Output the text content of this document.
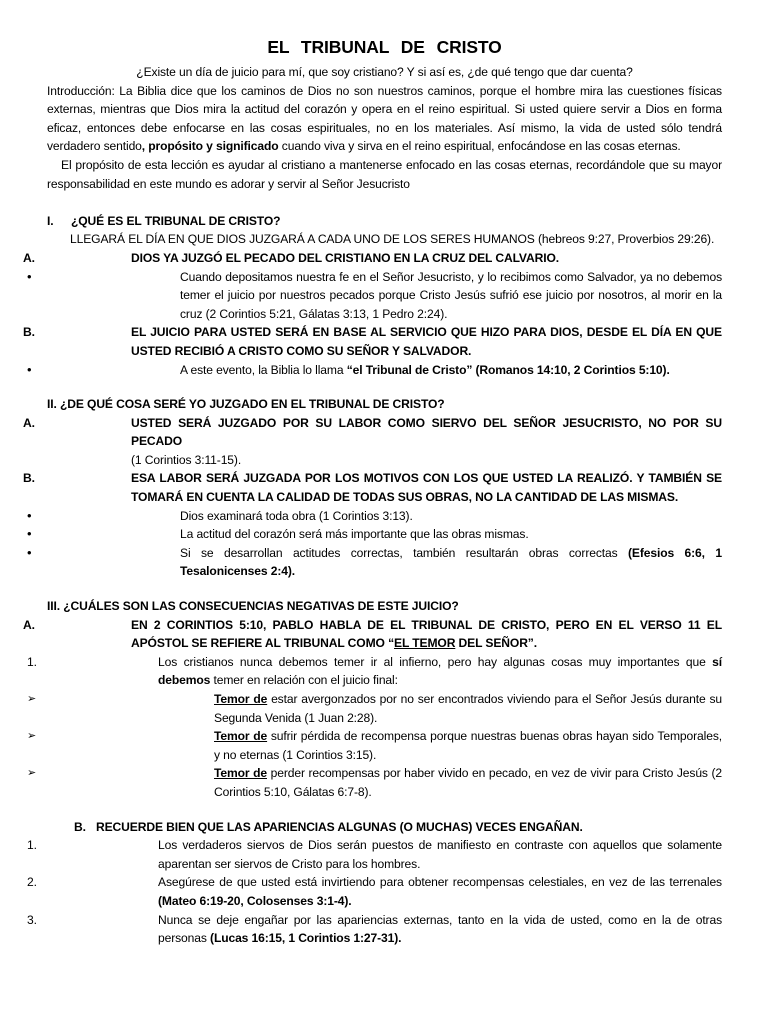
EL TRIBUNAL DE CRISTO
¿Existe un día de juicio para mí, que soy cristiano? Y si así es, ¿de qué tengo que dar cuenta?
Introducción: La Biblia dice que los caminos de Dios no son nuestros caminos, porque el hombre mira las cuestiones físicas externas, mientras que Dios mira la actitud del corazón y opera en el reino espiritual. Si usted quiere servir a Dios en forma eficaz, entonces debe enfocarse en las cosas espirituales, no en los materiales. Así mismo, la vida de usted sólo tendrá verdadero sentido, propósito y significado cuando viva y sirva en el reino espiritual, enfocándose en las cosas eternas.
El propósito de esta lección es ayudar al cristiano a mantenerse enfocado en las cosas eternas, recordándole que su mayor responsabilidad en este mundo es adorar y servir al Señor Jesucristo
I. ¿QUÉ ES EL TRIBUNAL DE CRISTO?
LLEGARÁ EL DÍA EN QUE DIOS JUZGARÁ A CADA UNO DE LOS SERES HUMANOS (hebreos 9:27, Proverbios 29:26).
A.	DIOS YA JUZGÓ EL PECADO DEL CRISTIANO EN LA CRUZ DEL CALVARIO.
•	Cuando depositamos nuestra fe en el Señor Jesucristo, y lo recibimos como Salvador, ya no debemos temer el juicio por nuestros pecados porque Cristo Jesús sufrió ese juicio por nosotros, al morir en la cruz (2 Corintios 5:21, Gálatas 3:13, 1 Pedro 2:24).
B.	EL JUICIO PARA USTED SERÁ EN BASE AL SERVICIO QUE HIZO PARA DIOS, DESDE EL DÍA EN QUE USTED RECIBIÓ A CRISTO COMO SU SEÑOR Y SALVADOR.
•	A este evento, la Biblia lo llama “el Tribunal de Cristo” (Romanos 14:10, 2 Corintios 5:10).
II. ¿DE QUÉ COSA SERÉ YO JUZGADO EN EL TRIBUNAL DE CRISTO?
A.	USTED SERÁ JUZGADO POR SU LABOR COMO SIERVO DEL SEÑOR JESUCRISTO, NO POR SU PECADO
(1 Corintios 3:11-15).
B.	ESA LABOR SERÁ JUZGADA POR LOS MOTIVOS CON LOS QUE USTED LA REALIZÓ. Y TAMBIÉN SE TOMARÁ EN CUENTA LA CALIDAD DE TODAS SUS OBRAS, NO LA CANTIDAD DE LAS MISMAS.
•	Dios examinará toda obra (1 Corintios 3:13).
•	La actitud del corazón será más importante que las obras mismas.
•	Si se desarrollan actitudes correctas, también resultarán obras correctas (Efesios 6:6, 1 Tesalonicenses 2:4).
III. ¿CUÁLES SON LAS CONSECUENCIAS NEGATIVAS DE ESTE JUICIO?
A.	EN 2 CORINTIOS 5:10, PABLO HABLA DE EL TRIBUNAL DE CRISTO, PERO EN EL VERSO 11 EL APÓSTOL SE REFIERE AL TRIBUNAL COMO “EL TEMOR DEL SEÑOR”.
1.	Los cristianos nunca debemos temer ir al infierno, pero hay algunas cosas muy importantes que sí debemos temer en relación con el juicio final:
➢	Temor de estar avergonzados por no ser encontrados viviendo para el Señor Jesús durante su Segunda Venida (1 Juan 2:28).
➢	Temor de sufrir pérdida de recompensa porque nuestras buenas obras hayan sido Temporales, y no eternas (1 Corintios 3:15).
➢	Temor de perder recompensas por haber vivido en pecado, en vez de vivir para Cristo Jesús (2 Corintios 5:10, Gálatas 6:7-8).
B. RECUERDE BIEN QUE LAS APARIENCIAS ALGUNAS (O MUCHAS) VECES ENGAÑAN.
1.	Los verdaderos siervos de Dios serán puestos de manifiesto en contraste con aquellos que solamente aparentan ser siervos de Cristo para los hombres.
2.	Asegúrese de que usted está invirtiendo para obtener recompensas celestiales, en vez de las terrenales (Mateo 6:19-20, Colosenses 3:1-4).
3.	Nunca se deje engañar por las apariencias externas, tanto en la vida de usted, como en la de otras personas (Lucas 16:15, 1 Corintios 1:27-31).
